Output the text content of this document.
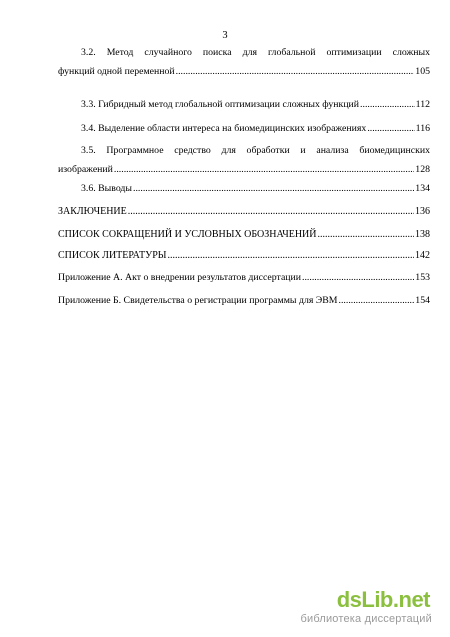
3
3.2. Метод случайного поиска для глобальной оптимизации сложных
функций одной переменной .....	105
3.3. Гибридный метод глобальной оптимизации сложных функций .....	112
3.4. Выделение области интереса на биомедицинских изображениях .....	116
3.5. Программное средство для обработки и анализа биомедицинских
изображений .....	128
3.6. Выводы .....	134
ЗАКЛЮЧЕНИЕ .....	136
СПИСОК СОКРАЩЕНИЙ И УСЛОВНЫХ ОБОЗНАЧЕНИЙ .....	138
СПИСОК ЛИТЕРАТУРЫ .....	142
Приложение А. Акт о внедрении результатов диссертации .....	153
Приложение Б. Свидетельства о регистрации программы для ЭВМ .....	154
dsLib.net
библиотека диссертаций
